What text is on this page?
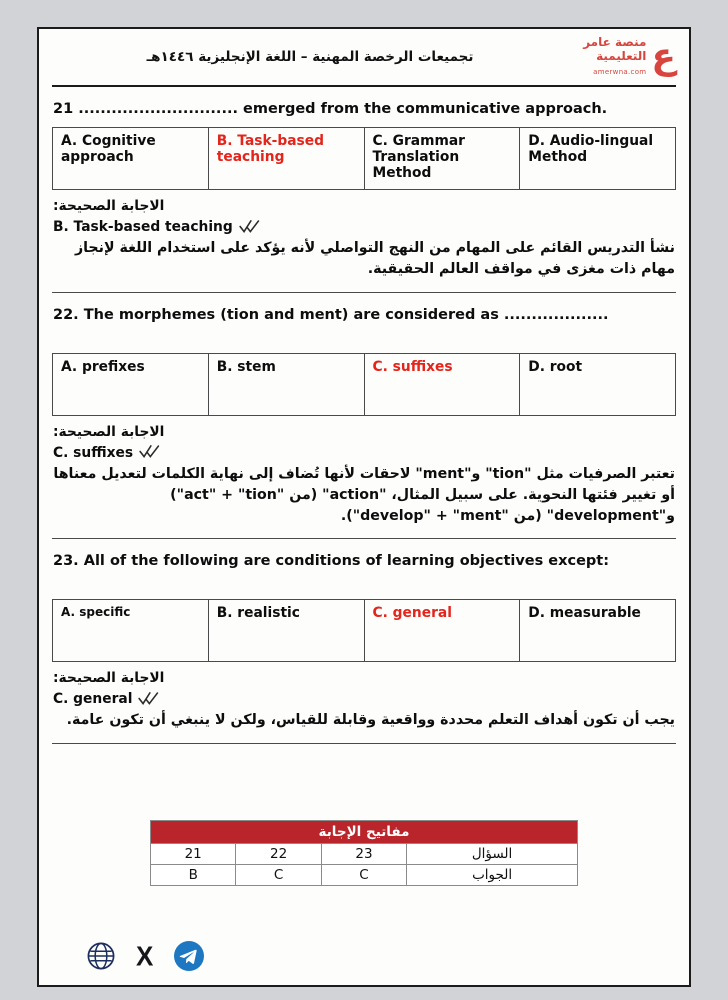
تجميعات الرخصة المهنية – اللغة الإنجليزية ١٤٤٦هـ	ع
منصة عامر
التعليمية
amerwna.com

21 ............................. emerged from the communicative approach.

A. Cognitive approach	B. Task-based teaching	C. Grammar Translation Method	D. Audio-lingual Method

الاجابة الصحيحة:

B. Task-based teaching

نشأ التدريس القائم على المهام من النهج التواصلي لأنه يؤكد على استخدام اللغة لإنجاز مهام ذات مغزى في مواقف العالم الحقيقية.

22. The morphemes (tion and ment) are considered as ...................

A. prefixes	B. stem	C. suffixes	D. root

الاجابة الصحيحة:

C. suffixes

تعتبر الصرفيات مثل "tion" و"ment" لاحقات لأنها تُضاف إلى نهاية الكلمات لتعديل معناها أو تغيير فئتها النحوية. على سبيل المثال، "action" (من "act" + "tion") و"development" (من "develop" + "ment").

23. All of the following are conditions of learning objectives except:

A. specific	B. realistic	C. general	D. measurable

الاجابة الصحيحة:

C. general

يجب أن تكون أهداف التعلم محددة وواقعية وقابلة للقياس، ولكن لا ينبغي أن تكون عامة.

مفاتيح الإجابة			
21	22	23	السؤال
B	C	C	الجواب
X
